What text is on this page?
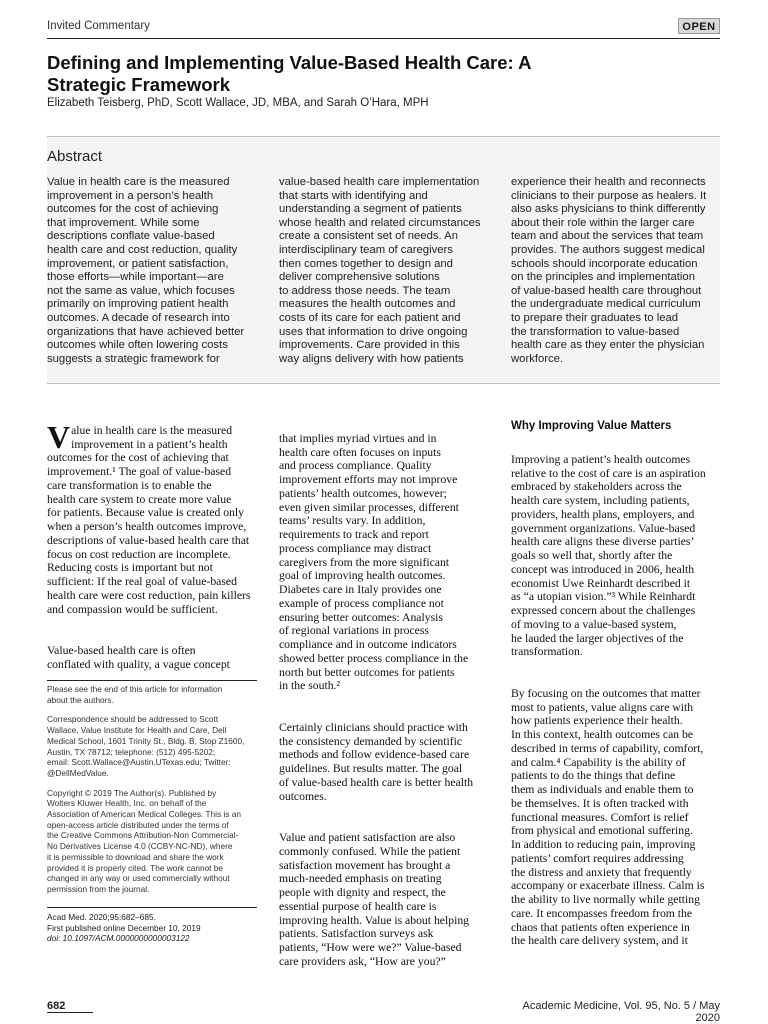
Invited Commentary	OPEN
Defining and Implementing Value-Based Health Care: A Strategic Framework
Elizabeth Teisberg, PhD, Scott Wallace, JD, MBA, and Sarah O’Hara, MPH
Abstract
Value in health care is the measured
improvement in a person’s health
outcomes for the cost of achieving
that improvement. While some
descriptions conflate value-based
health care and cost reduction, quality
improvement, or patient satisfaction,
those efforts—while important—are
not the same as value, which focuses
primarily on improving patient health
outcomes. A decade of research into
organizations that have achieved better
outcomes while often lowering costs
suggests a strategic framework for
value-based health care implementation
that starts with identifying and
understanding a segment of patients
whose health and related circumstances
create a consistent set of needs. An
interdisciplinary team of caregivers
then comes together to design and
deliver comprehensive solutions
to address those needs. The team
measures the health outcomes and
costs of its care for each patient and
uses that information to drive ongoing
improvements. Care provided in this
way aligns delivery with how patients
experience their health and reconnects
clinicians to their purpose as healers. It
also asks physicians to think differently
about their role within the larger care
team and about the services that team
provides. The authors suggest medical
schools should incorporate education
on the principles and implementation
of value-based health care throughout
the undergraduate medical curriculum
to prepare their graduates to lead
the transformation to value-based
health care as they enter the physician
workforce.

Value in health care is the measured
improvement in a patient’s health
outcomes for the cost of achieving that
improvement.¹ The goal of value-based
care transformation is to enable the
health care system to create more value
for patients. Because value is created only
when a person’s health outcomes improve,
descriptions of value-based health care that
focus on cost reduction are incomplete.
Reducing costs is important but not
sufficient: If the real goal of value-based
health care were cost reduction, pain killers
and compassion would be sufficient.

Value-based health care is often
conflated with quality, a vague concept

Please see the end of this article for information
about the authors.
Correspondence should be addressed to Scott
Wallace, Value Institute for Health and Care, Dell
Medical School, 1601 Trinity St., Bldg. B, Stop Z1600,
Austin, TX 78712; telephone: (512) 495-5202;
email: Scott.Wallace@Austin.UTexas.edu; Twitter:
@DellMedValue.
Copyright © 2019 The Author(s). Published by
Wolters Kluwer Health, Inc. on behalf of the
Association of American Medical Colleges. This is an
open-access article distributed under the terms of
the Creative Commons Attribution-Non Commercial-
No Derivatives License 4.0 (CCBY-NC-ND), where
it is permissible to download and share the work
provided it is properly cited. The work cannot be
changed in any way or used commercially without
permission from the journal.
Acad Med. 2020;95:682–685.
First published online December 10, 2019
doi: 10.1097/ACM.0000000000003122

that implies myriad virtues and in
health care often focuses on inputs
and process compliance. Quality
improvement efforts may not improve
patients’ health outcomes, however;
even given similar processes, different
teams’ results vary. In addition,
requirements to track and report
process compliance may distract
caregivers from the more significant
goal of improving health outcomes.
Diabetes care in Italy provides one
example of process compliance not
ensuring better outcomes: Analysis
of regional variations in process
compliance and in outcome indicators
showed better process compliance in the
north but better outcomes for patients
in the south.²

Certainly clinicians should practice with
the consistency demanded by scientific
methods and follow evidence-based care
guidelines. But results matter. The goal
of value-based health care is better health
outcomes.

Value and patient satisfaction are also
commonly confused. While the patient
satisfaction movement has brought a
much-needed emphasis on treating
people with dignity and respect, the
essential purpose of health care is
improving health. Value is about helping
patients. Satisfaction surveys ask
patients, “How were we?” Value-based
care providers ask, “How are you?”

Why Improving Value Matters

Improving a patient’s health outcomes
relative to the cost of care is an aspiration
embraced by stakeholders across the
health care system, including patients,
providers, health plans, employers, and
government organizations. Value-based
health care aligns these diverse parties’
goals so well that, shortly after the
concept was introduced in 2006, health
economist Uwe Reinhardt described it
as “a utopian vision.”³ While Reinhardt
expressed concern about the challenges
of moving to a value-based system,
he lauded the larger objectives of the
transformation.

By focusing on the outcomes that matter
most to patients, value aligns care with
how patients experience their health.
In this context, health outcomes can be
described in terms of capability, comfort,
and calm.⁴ Capability is the ability of
patients to do the things that define
them as individuals and enable them to
be themselves. It is often tracked with
functional measures. Comfort is relief
from physical and emotional suffering.
In addition to reducing pain, improving
patients’ comfort requires addressing
the distress and anxiety that frequently
accompany or exacerbate illness. Calm is
the ability to live normally while getting
care. It encompasses freedom from the
chaos that patients often experience in
the health care delivery system, and it

682	Academic Medicine, Vol. 95, No. 5 / May 2020
